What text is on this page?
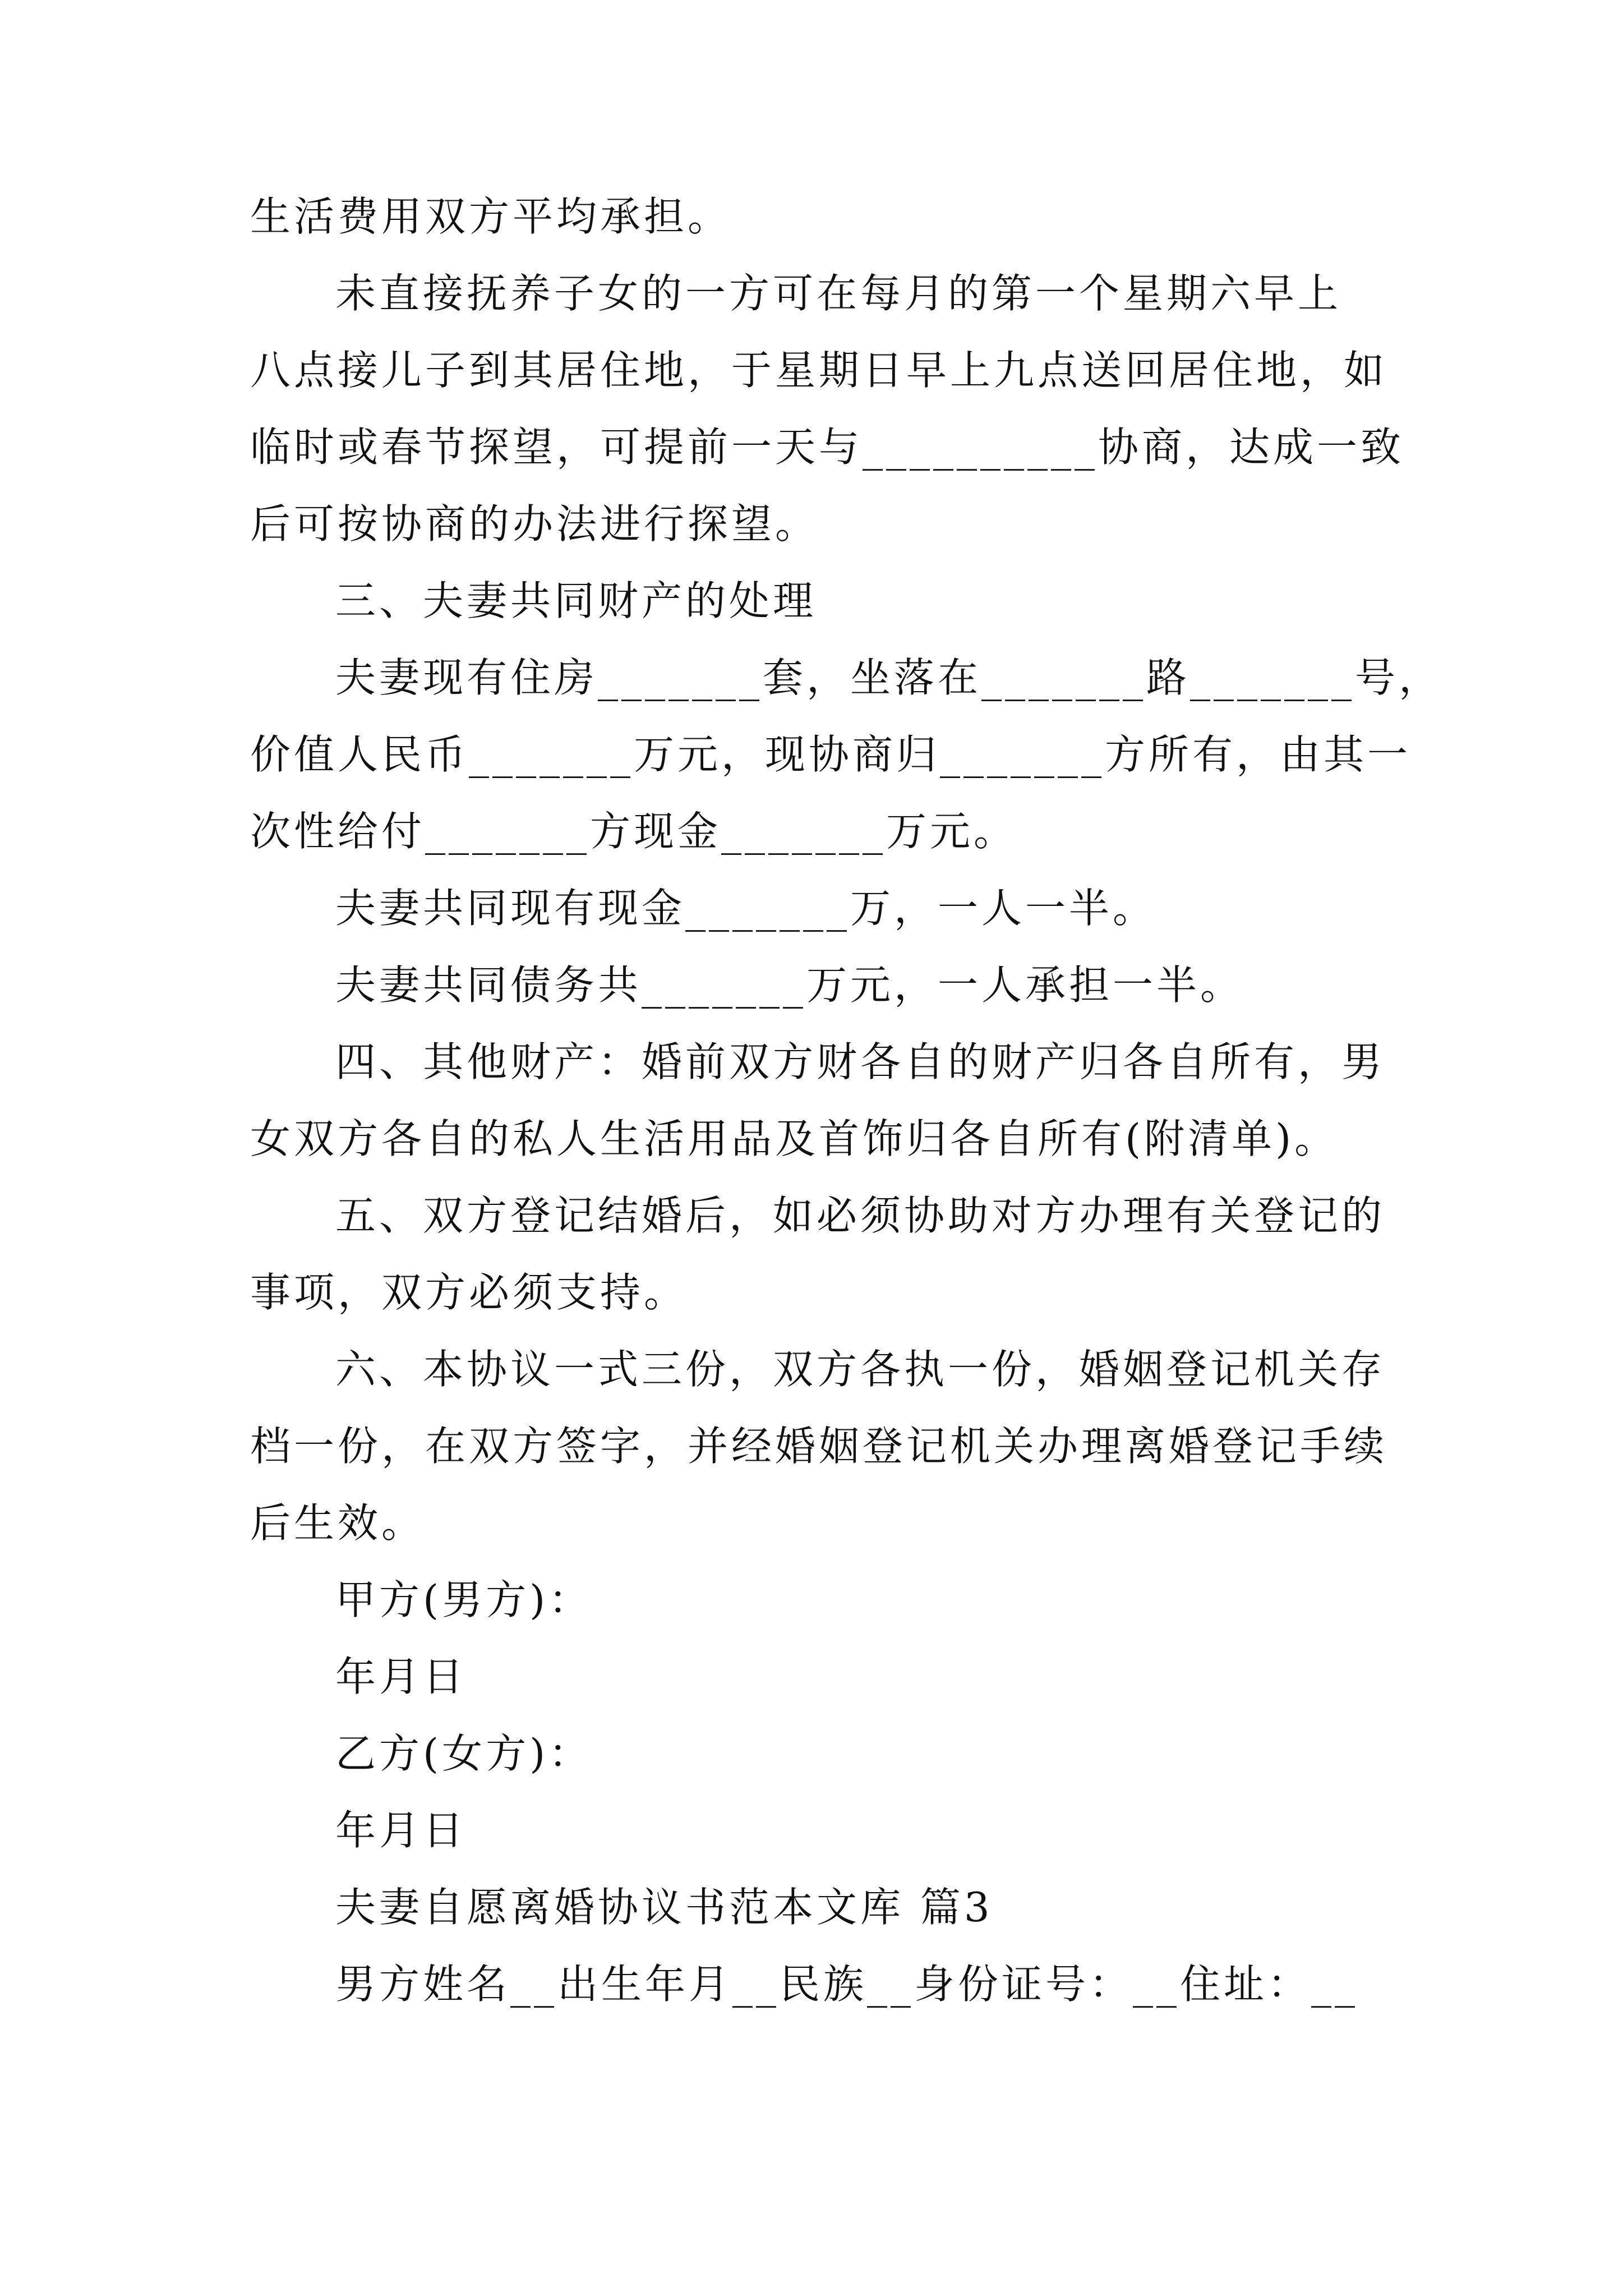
生活费用双方平均承担。
未直接抚养子女的一方可在每月的第一个星期六早上
八点接儿子到其居住地，于星期日早上九点送回居住地，如
临时或春节探望，可提前一天与__________协商，达成一致
后可按协商的办法进行探望。
三、夫妻共同财产的处理
夫妻现有住房_______套，坐落在_______路_______号，
价值人民币_______万元，现协商归_______方所有，由其一
次性给付_______方现金_______万元。
夫妻共同现有现金_______万，一人一半。
夫妻共同债务共_______万元，一人承担一半。
四、其他财产：婚前双方财各自的财产归各自所有，男
女双方各自的私人生活用品及首饰归各自所有(附清单)。
五、双方登记结婚后，如必须协助对方办理有关登记的
事项，双方必须支持。
六、本协议一式三份，双方各执一份，婚姻登记机关存
档一份，在双方签字，并经婚姻登记机关办理离婚登记手续
后生效。
甲方(男方)：
年月日
乙方(女方)：
年月日
夫妻自愿离婚协议书范本文库 篇3
男方姓名__出生年月__民族__身份证号：__住址：__
